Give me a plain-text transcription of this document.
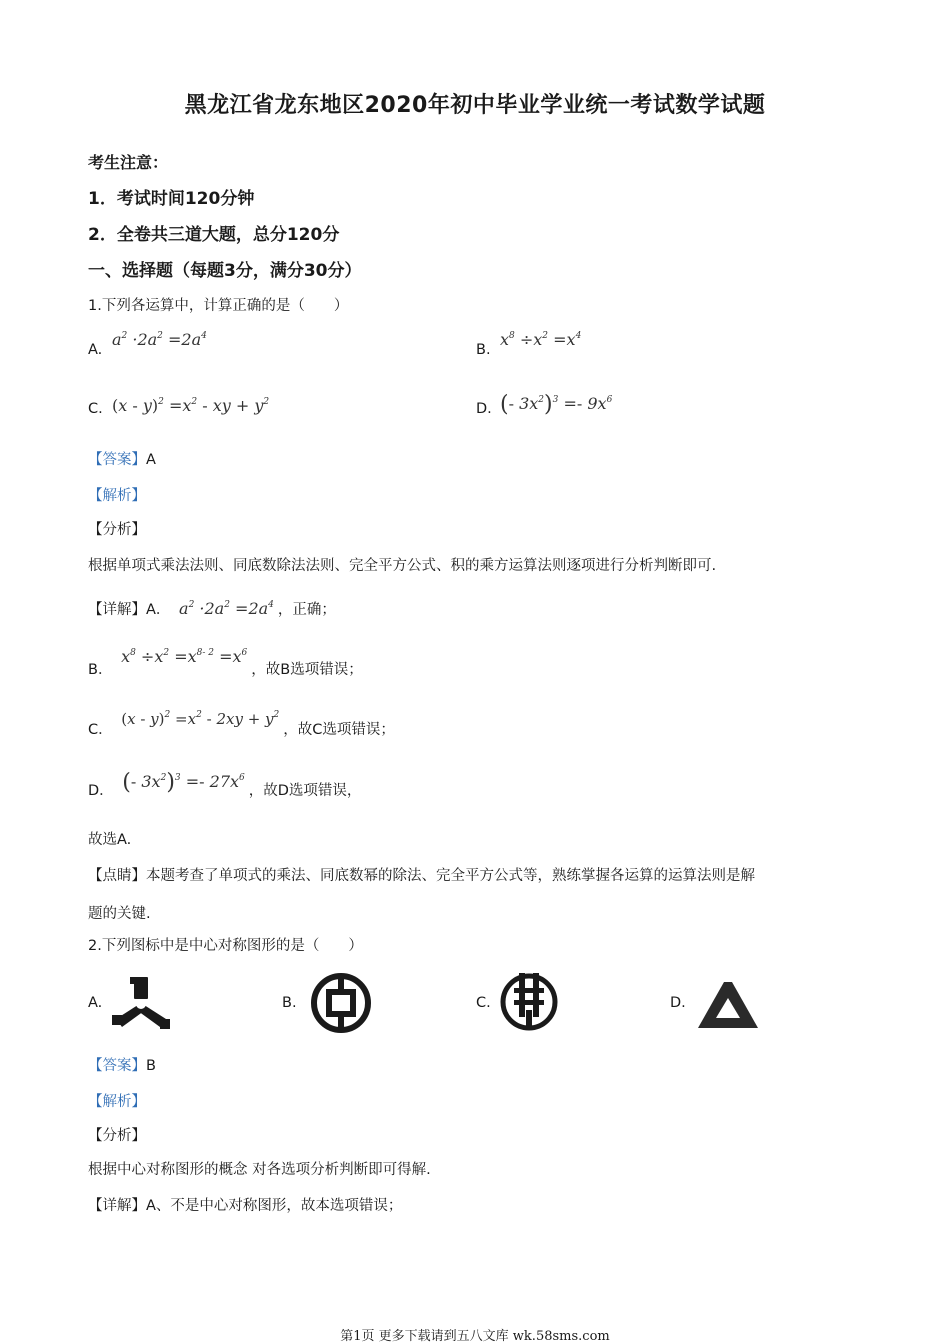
黑龙江省龙东地区2020年初中毕业学业统一考试数学试题
考生注意：
1．考试时间120分钟
2．全卷共三道大题，总分120分
一、选择题（每题3分，满分30分）
1.下列各运算中，计算正确的是（　　）
A.
$a^2 \cdot 2a^2 =2a^4$
B.
$x^8 \div x^2 =x^4$
C. $(x - y)^2 =x^2$ - xy + $y^2$	D. (- $3x^2)^3 =- 9x^6$
【答案】A
【解析】
【分析】
根据单项式乘法法则、同底数除法法则、完全平方公式、积的乘方运算法则逐项进行分析判断即可.
【详解】A． $a^2 \cdot 2a^2 =2a^4$ ，正确；
B． $x^8 \div x^2 =x^{8- 2} =x^6$，故B选项错误；
C． $(x - y)^2 =x^2 - 2xy + y^2$，故C选项错误；
D． (- $3x^2)^3 =- 27x^6$，故D选项错误，
故选A.
【点睛】本题考查了单项式的乘法、同底数幂的除法、完全平方公式等，熟练掌握各运算的运算法则是解
题的关键.
2.下列图标中是中心对称图形的是（　　）
A.	B.	C.	D.
【答案】B
【解析】
【分析】
根据中心对称图形的概念 对各选项分析判断即可得解.
【详解】A、不是中心对称图形，故本选项错误；
第1页 更多下载请到五八文库 wk.58sms.com
